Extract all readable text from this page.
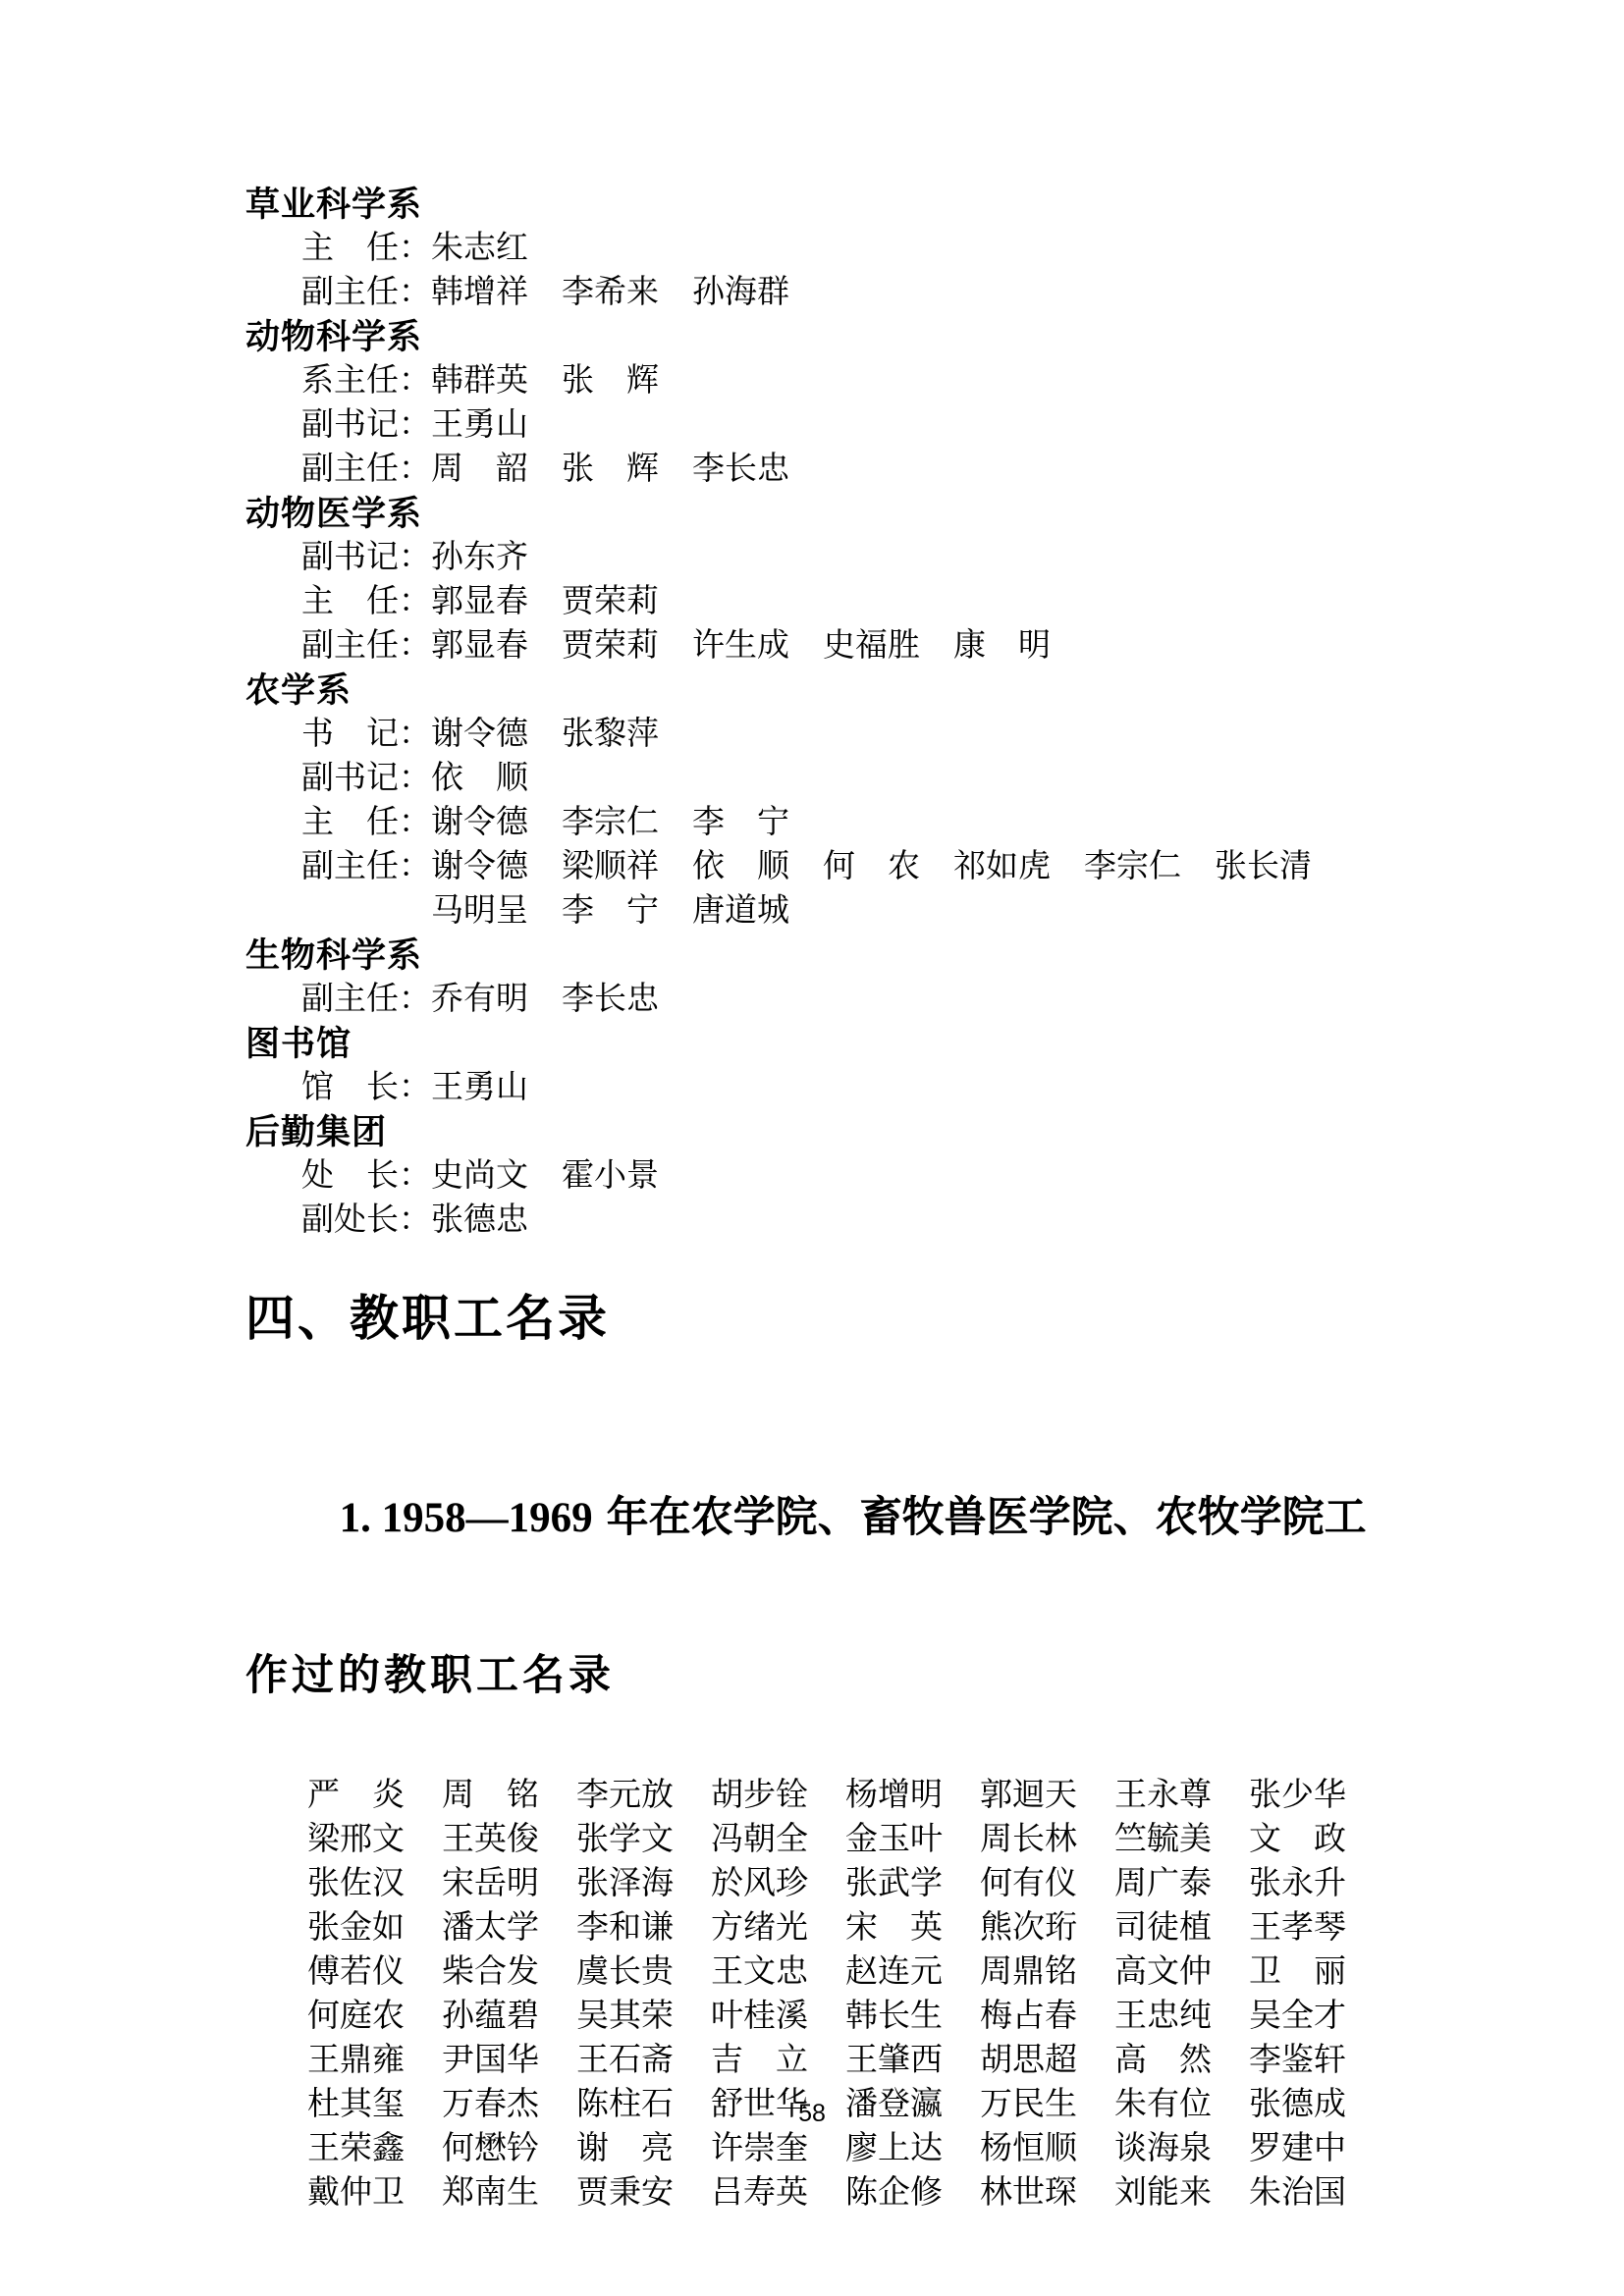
草业科学系
主　任： 朱志红
副主任： 韩增祥 李希来 孙海群
动物科学系
系主任： 韩群英 张　辉
副书记： 王勇山
副主任： 周　韶 张　辉 李长忠
动物医学系
副书记： 孙东齐
主　任： 郭显春 贾荣莉
副主任： 郭显春 贾荣莉 许生成 史福胜 康　明
农学系
书　记： 谢令德 张黎萍
副书记： 依　顺
主　任： 谢令德 李宗仁 李　宁
副主任： 谢令德 梁顺祥 依　顺 何　农 祁如虎 李宗仁 张长清
马明呈 李　宁 唐道城
生物科学系
副主任： 乔有明 李长忠
图书馆
馆　长： 王勇山
后勤集团
处　长： 史尚文 霍小景
副处长： 张德忠
四、教职工名录

1. 1958—1969 年在农学院、畜牧兽医学院、农牧学院工

作过的教职工名录
严　炎 周　铭 李元放 胡步铨 杨增明 郭迴天 王永尊 张少华
梁邢文 王英俊 张学文 冯朝全 金玉叶 周长林 竺毓美 文　政
张佐汉 宋岳明 张泽海 於风珍 张武学 何有仪 周广泰 张永升
张金如 潘太学 李和谦 方绪光 宋　英 熊次珩 司徒植 王孝琴
傅若仪 柴合发 虞长贵 王文忠 赵连元 周鼎铭 高文仲 卫　丽
何庭农 孙蕴碧 吴其荣 叶桂溪 韩长生 梅占春 王忠纯 吴全才
王鼎雍 尹国华 王石斋 吉　立 王肇西 胡思超 高　然 李鉴轩
杜其玺 万春杰 陈柱石 舒世华 潘登瀛 万民生 朱有位 张德成
王荣鑫 何懋钤 谢　亮 许崇奎 廖上达 杨恒顺 谈海泉 罗建中
戴仲卫 郑南生 贾秉安 吕寿英 陈企修 林世琛 刘能来 朱治国
58
